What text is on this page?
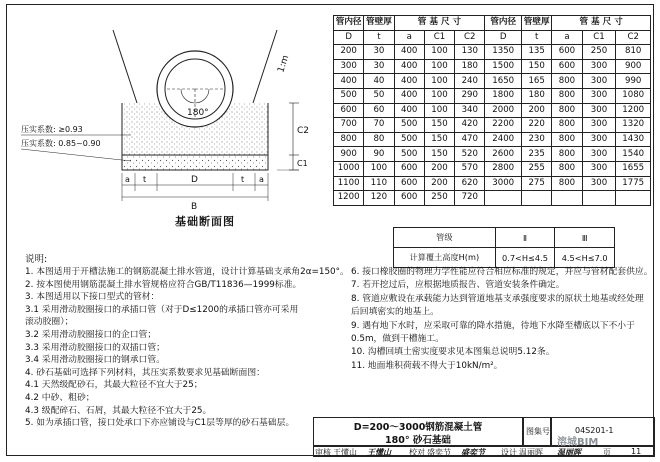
180°
1:m
C2
C1
a t	D	t a
B
压实系数: ≥0.93
压实系数: 0.85~0.90
基础断面图
管内径	管壁厚	管 基 尺 寸			管内径	管壁厚	管 基 尺 寸		
D	t	a	C1	C2	D	t	a	C1	C2
200	30	400	100	130	1350	135	600	250	810
300	30	400	100	180	1500	150	600	300	900
400	40	400	100	240	1650	165	800	300	990
500	50	400	100	290	1800	180	800	300	1080
600	60	400	100	340	2000	200	800	300	1200
700	70	500	150	420	2200	220	800	300	1320
800	80	500	150	470	2400	230	800	300	1430
900	90	500	150	520	2600	235	800	300	1540
1000	100	600	200	570	2800	255	800	300	1655
1100	110	600	200	620	3000	275	800	300	1775
1200	120	600	250	720					
管级	Ⅱ	Ⅲ
计算覆土高度H(m)	0.7<H≤4.5	4.5<H≤7.0
说明:
1. 本图适用于开槽法施工的钢筋混凝土排水管道，设计计算基础支承角2α=150°。
2. 按本图使用钢筋混凝土排水管规格应符合GB/T11836—1999标准。
3. 本图适用以下接口型式的管材：
3.1 采用滑动胶圈接口的承插口管（对于D≤1200的承插口管亦可采用
滚动胶圈）；
3.2 采用滑动胶圈接口的企口管；
3.3 采用滑动胶圈接口的双插口管；
3.4 采用滑动胶圈接口的钢承口管。
4. 砂石基础可选择下列材料，其压实系数要求见基础断面图：
4.1 天然级配砂石，其最大粒径不宜大于25；
4.2 中砂、粗砂；
4.3 级配碎石、石屑，其最大粒径不宜大于25。
5. 如为承插口管，接口处承口下亦应铺设与C1层等厚的砂石基础层。
6. 接口橡胶圈的物理力学性能应符合相应标准的规定，并应与管材配套供应。
7. 若开挖过后，应根据地质报告、管道安装条件确定。
8. 管道应敷设在承载能力达到管道地基支承强度要求的原状土地基或经处理
后回填密实的地基上。
9. 遇有地下水时，应采取可靠的降水措施，待地下水降至槽底以下不小于
0.5m，做到干槽施工。
10. 沟槽回填土密实度要求见本图集总说明5.12条。
11. 地面堆积荷载不得大于10kN/m²。
D=200～3000钢筋混凝土管
180° 砂石基础
图集号	04S201-1
审核 王懂山 王懂山 校对 盛奕节 盛奕节 设计 温丽晖 温丽晖	页	11
溶城BIM
